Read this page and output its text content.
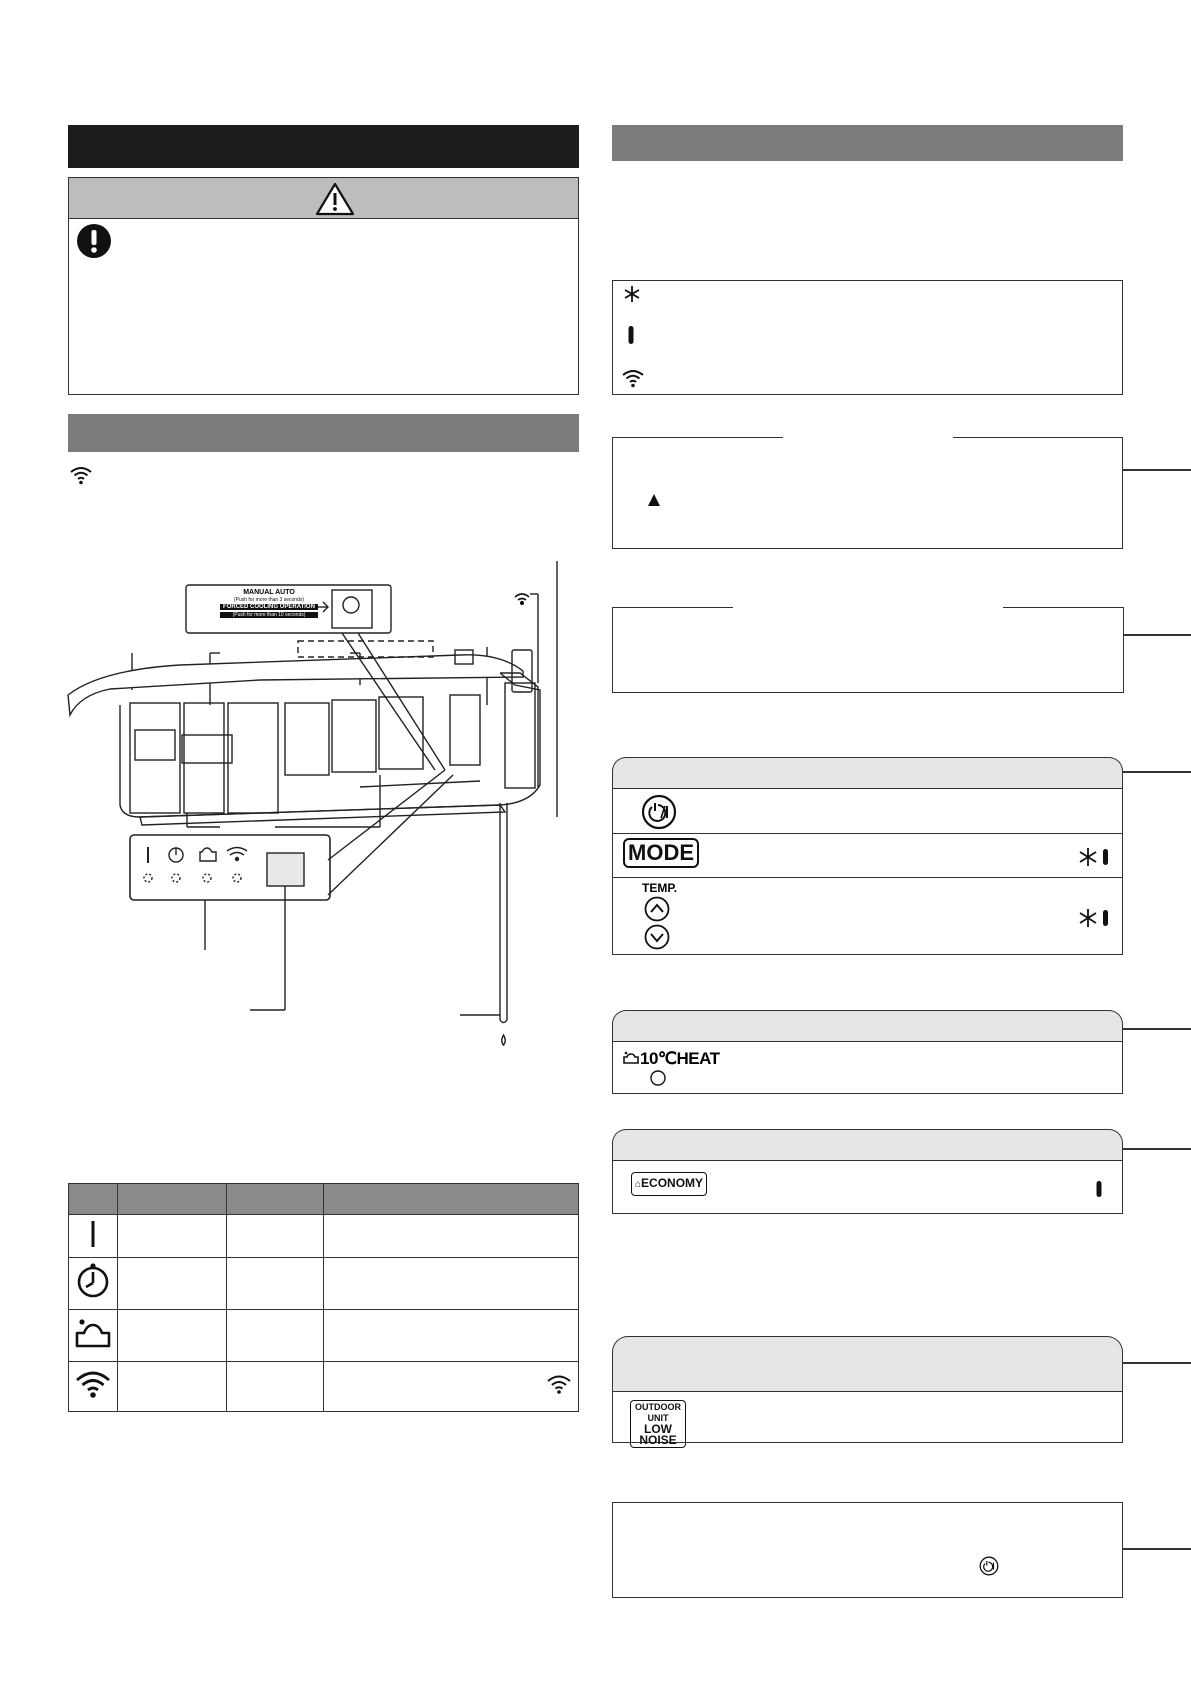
MANUAL AUTO
(Push for more than 3 seconds)
FORCED COOLING OPERATION
(Push for more than 10 seconds)

MODE
TEMP.
10℃HEAT
⌂ECONOMY
OUTDOOR UNIT
LOW NOISE
